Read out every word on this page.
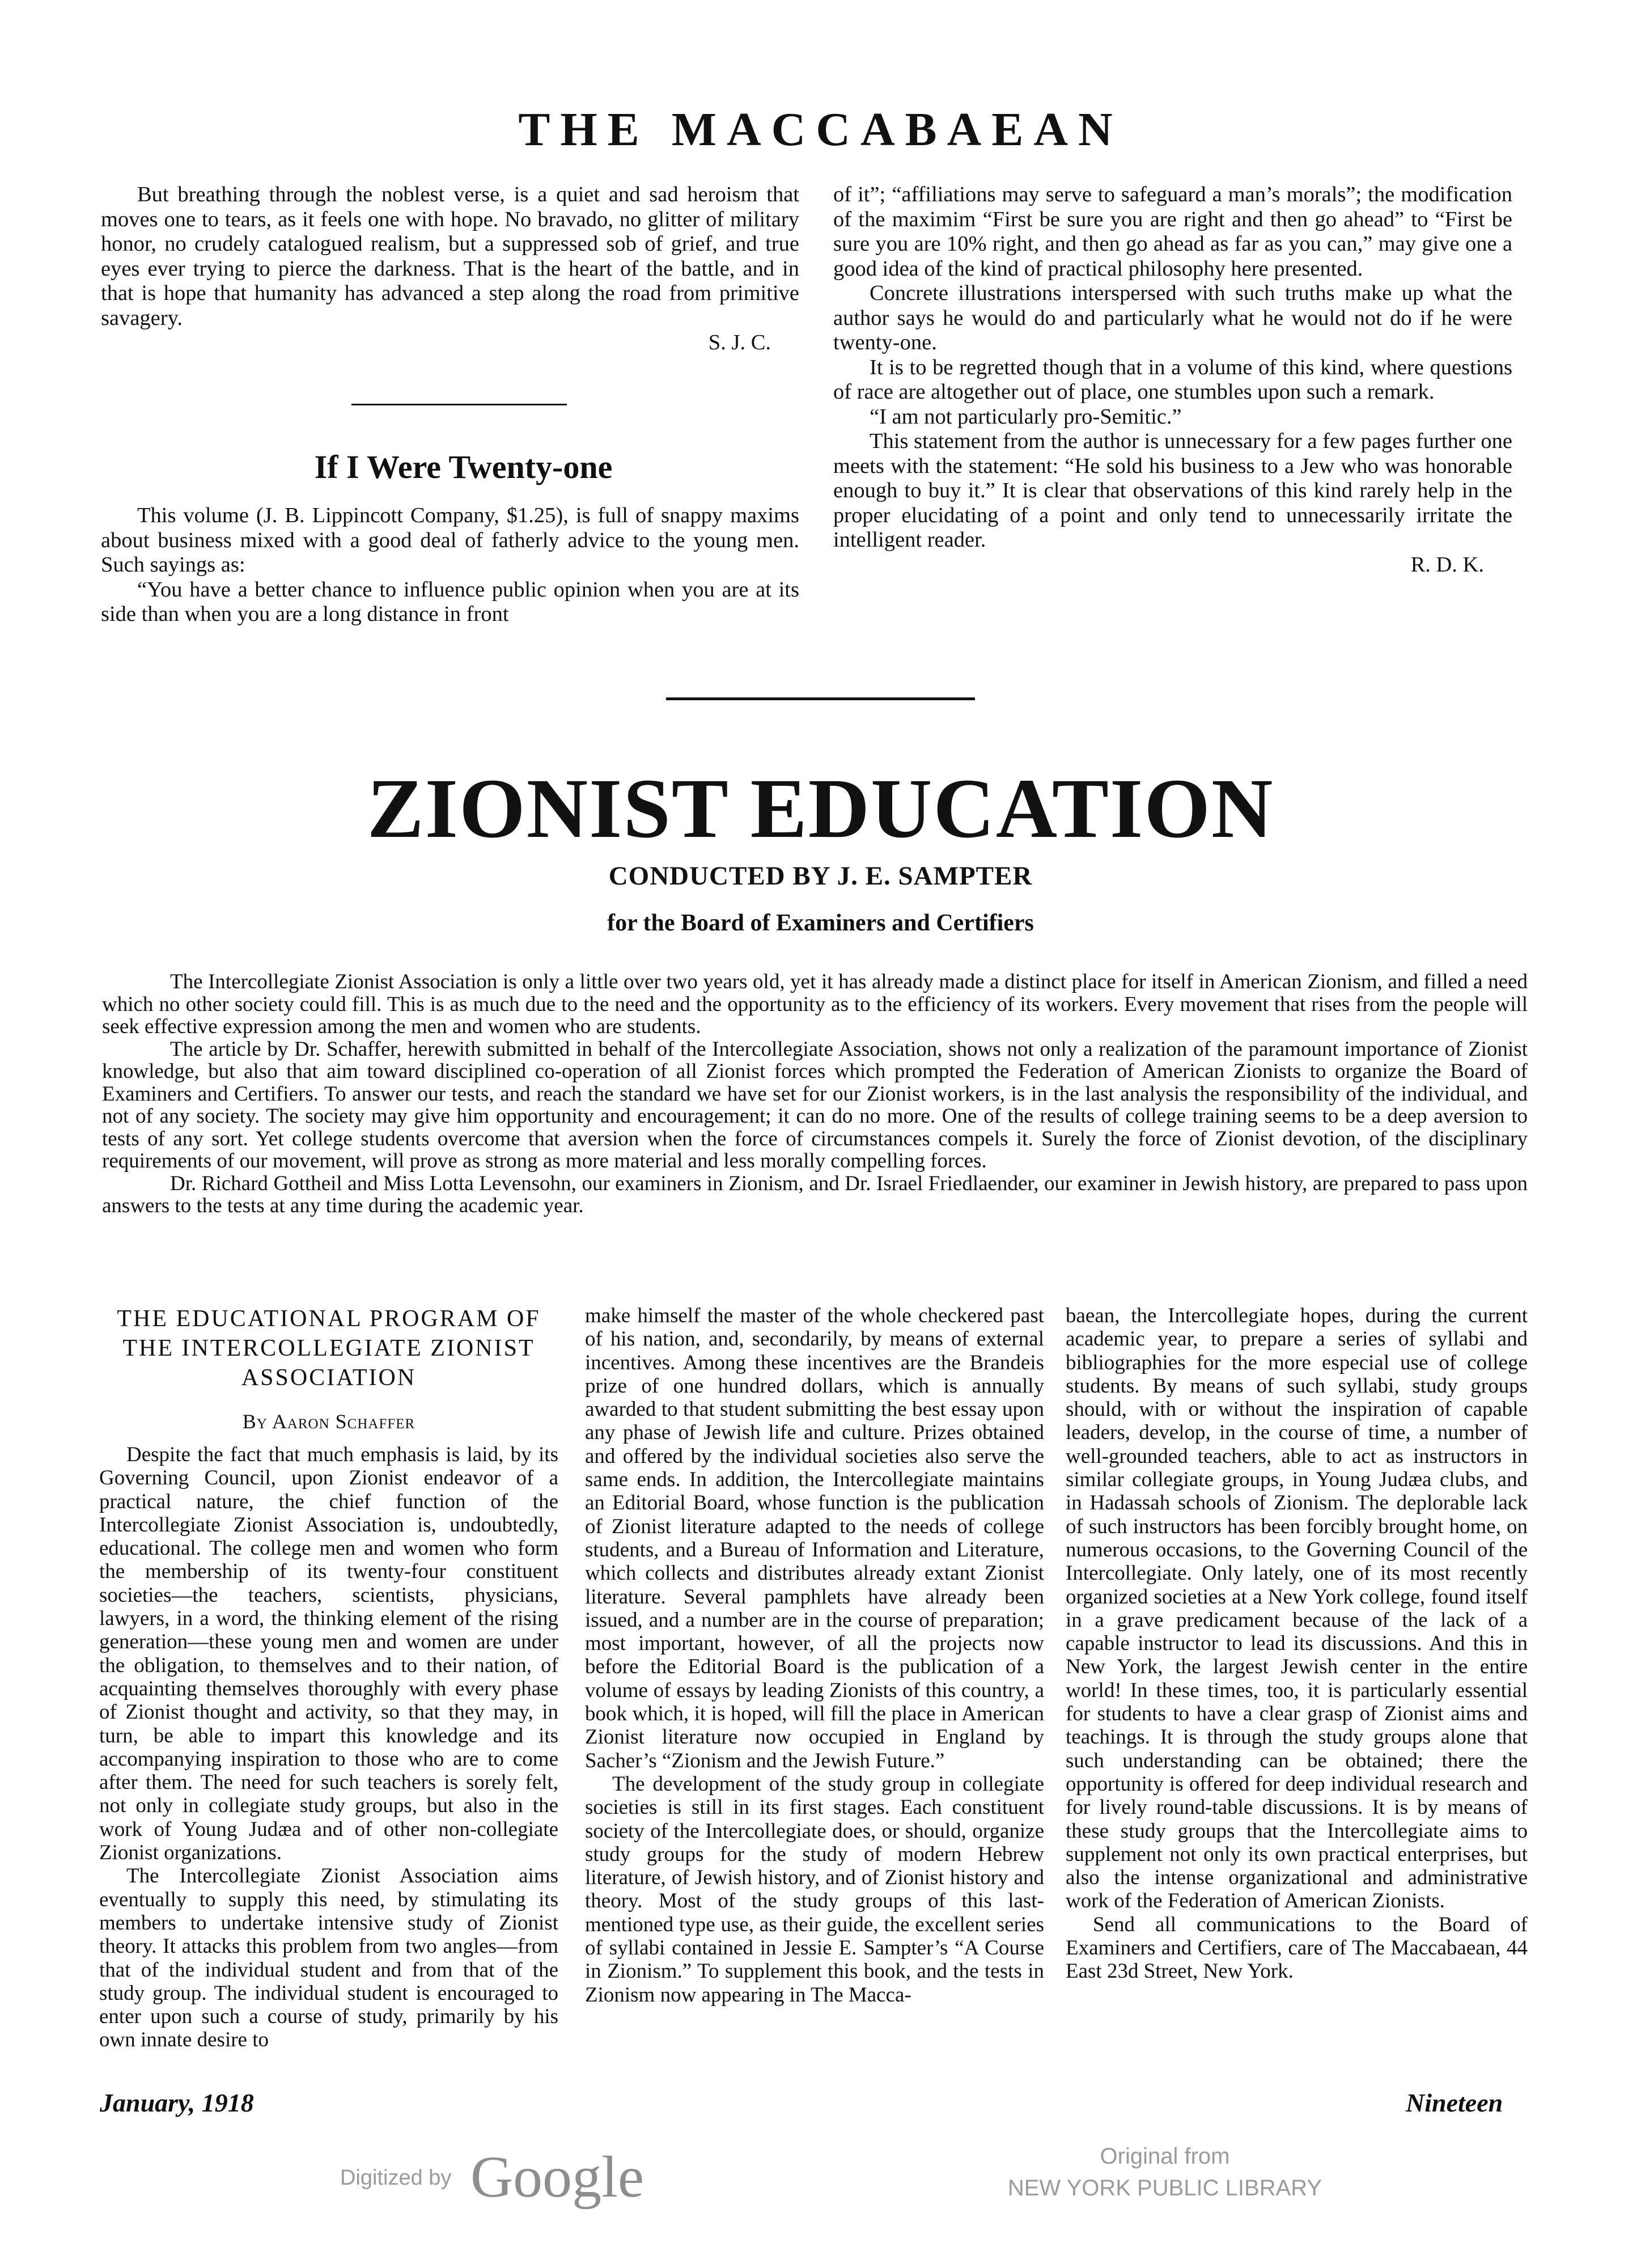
THE MACCABAEAN

But breathing through the noblest verse, is a quiet and sad heroism that moves one to tears, as it feels one with hope. No bravado, no glitter of military honor, no crudely catalogued realism, but a suppressed sob of grief, and true eyes ever trying to pierce the darkness. That is the heart of the battle, and in that is hope that humanity has advanced a step along the road from primitive savagery.

S. J. C.
If I Were Twenty-one

This volume (J. B. Lippincott Company, $1.25), is full of snappy maxims about business mixed with a good deal of fatherly advice to the young men. Such sayings as:

“You have a better chance to influence public opinion when you are at its side than when you are a long distance in front

of it”; “affiliations may serve to safeguard a man’s morals”; the modification of the maximim “First be sure you are right and then go ahead” to “First be sure you are 10% right, and then go ahead as far as you can,” may give one a good idea of the kind of practical philosophy here presented.

Concrete illustrations interspersed with such truths make up what the author says he would do and particularly what he would not do if he were twenty-one.

It is to be regretted though that in a volume of this kind, where questions of race are altogether out of place, one stumbles upon such a remark.

“I am not particularly pro-Semitic.”

This statement from the author is unnecessary for a few pages further one meets with the statement: “He sold his business to a Jew who was honorable enough to buy it.” It is clear that observations of this kind rarely help in the proper elucidating of a point and only tend to unnecessarily irritate the intelligent reader.

R. D. K.
ZIONIST EDUCATION
CONDUCTED BY J. E. SAMPTER
for the Board of Examiners and Certifiers

The Intercollegiate Zionist Association is only a little over two years old, yet it has already made a distinct place for itself in American Zionism, and filled a need which no other society could fill. This is as much due to the need and the opportunity as to the efficiency of its workers. Every movement that rises from the people will seek effective expression among the men and women who are students.

The article by Dr. Schaffer, herewith submitted in behalf of the Intercollegiate Association, shows not only a realization of the paramount importance of Zionist knowledge, but also that aim toward disciplined co-operation of all Zionist forces which prompted the Federation of American Zionists to organize the Board of Examiners and Certifiers. To answer our tests, and reach the standard we have set for our Zionist workers, is in the last analysis the responsibility of the individual, and not of any society. The society may give him opportunity and encouragement; it can do no more. One of the results of college training seems to be a deep aversion to tests of any sort. Yet college students overcome that aversion when the force of circumstances compels it. Surely the force of Zionist devotion, of the disciplinary requirements of our movement, will prove as strong as more material and less morally compelling forces.

Dr. Richard Gottheil and Miss Lotta Levensohn, our examiners in Zionism, and Dr. Israel Friedlaender, our examiner in Jewish history, are prepared to pass upon answers to the tests at any time during the academic year.

THE EDUCATIONAL PROGRAM OF
THE INTERCOLLEGIATE ZIONIST
ASSOCIATION
By Aaron Schaffer

Despite the fact that much emphasis is laid, by its Governing Council, upon Zionist endeavor of a practical nature, the chief function of the Intercollegiate Zionist Association is, undoubtedly, educational. The college men and women who form the membership of its twenty-four constituent societies—the teachers, scientists, physicians, lawyers, in a word, the thinking element of the rising generation—these young men and women are under the obligation, to themselves and to their nation, of acquainting themselves thoroughly with every phase of Zionist thought and activity, so that they may, in turn, be able to impart this knowledge and its accompanying inspiration to those who are to come after them. The need for such teachers is sorely felt, not only in collegiate study groups, but also in the work of Young Judæa and of other non-collegiate Zionist organizations.

The Intercollegiate Zionist Association aims eventually to supply this need, by stimulating its members to undertake intensive study of Zionist theory. It attacks this problem from two angles—from that of the individual student and from that of the study group. The individual student is encouraged to enter upon such a course of study, primarily by his own innate desire to

make himself the master of the whole checkered past of his nation, and, secondarily, by means of external incentives. Among these incentives are the Brandeis prize of one hundred dollars, which is annually awarded to that student submitting the best essay upon any phase of Jewish life and culture. Prizes obtained and offered by the individual societies also serve the same ends. In addition, the Intercollegiate maintains an Editorial Board, whose function is the publication of Zionist literature adapted to the needs of college students, and a Bureau of Information and Literature, which collects and distributes already extant Zionist literature. Several pamphlets have already been issued, and a number are in the course of preparation; most important, however, of all the projects now before the Editorial Board is the publication of a volume of essays by leading Zionists of this country, a book which, it is hoped, will fill the place in American Zionist literature now occupied in England by Sacher’s “Zionism and the Jewish Future.”

The development of the study group in collegiate societies is still in its first stages. Each constituent society of the Intercollegiate does, or should, organize study groups for the study of modern Hebrew literature, of Jewish history, and of Zionist history and theory. Most of the study groups of this last-mentioned type use, as their guide, the excellent series of syllabi contained in Jessie E. Sampter’s “A Course in Zionism.” To supplement this book, and the tests in Zionism now appearing in The Macca-

baean, the Intercollegiate hopes, during the current academic year, to prepare a series of syllabi and bibliographies for the more especial use of college students. By means of such syllabi, study groups should, with or without the inspiration of capable leaders, develop, in the course of time, a number of well-grounded teachers, able to act as instructors in similar collegiate groups, in Young Judæa clubs, and in Hadassah schools of Zionism. The deplorable lack of such instructors has been forcibly brought home, on numerous occasions, to the Governing Council of the Intercollegiate. Only lately, one of its most recently organized societies at a New York college, found itself in a grave predicament because of the lack of a capable instructor to lead its discussions. And this in New York, the largest Jewish center in the entire world! In these times, too, it is particularly essential for students to have a clear grasp of Zionist aims and teachings. It is through the study groups alone that such understanding can be obtained; there the opportunity is offered for deep individual research and for lively round-table discussions. It is by means of these study groups that the Intercollegiate aims to supplement not only its own practical enterprises, but also the intense organizational and administrative work of the Federation of American Zionists.

Send all communications to the Board of Examiners and Certifiers, care of The Maccabaean, 44 East 23d Street, New York.

January, 1918	Nineteen
Digitized by Google	Original from
NEW YORK PUBLIC LIBRARY
